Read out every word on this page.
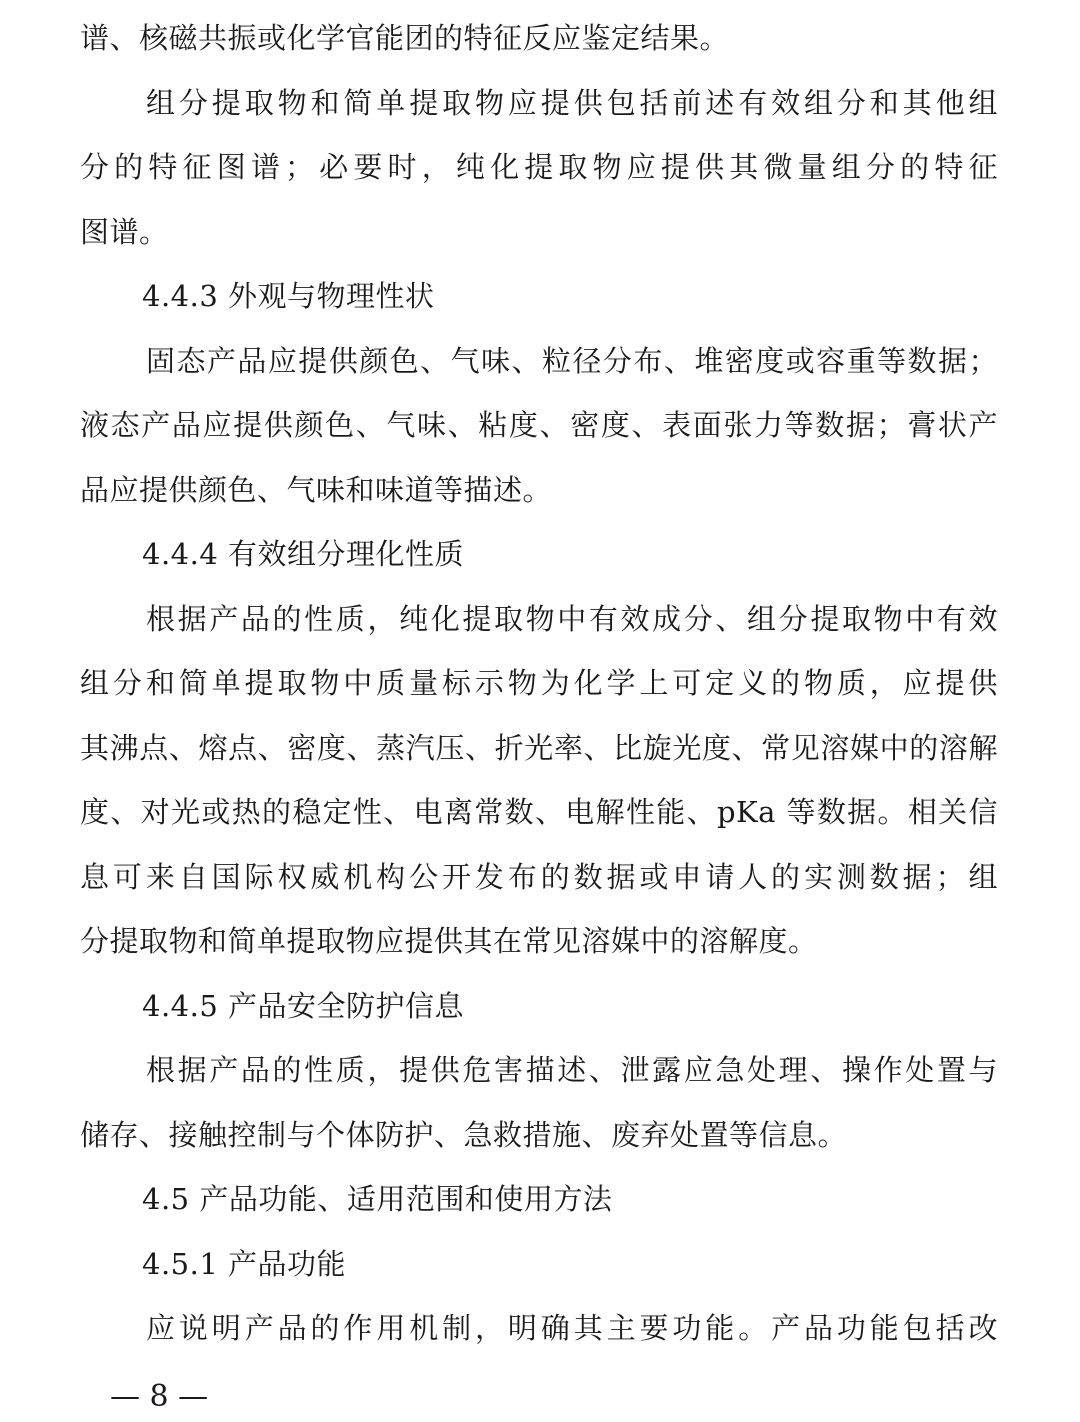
谱、核磁共振或化学官能团的特征反应鉴定结果。
组分提取物和简单提取物应提供包括前述有效组分和其他组
分的特征图谱；必要时，纯化提取物应提供其微量组分的特征
图谱。
4.4.3 外观与物理性状
固态产品应提供颜色、气味、粒径分布、堆密度或容重等数据；
液态产品应提供颜色、气味、粘度、密度、表面张力等数据；膏状产
品应提供颜色、气味和味道等描述。
4.4.4 有效组分理化性质
根据产品的性质，纯化提取物中有效成分、组分提取物中有效
组分和简单提取物中质量标示物为化学上可定义的物质，应提供
其沸点、熔点、密度、蒸汽压、折光率、比旋光度、常见溶媒中的溶解
度、对光或热的稳定性、电离常数、电解性能、pKa 等数据。相关信
息可来自国际权威机构公开发布的数据或申请人的实测数据；组
分提取物和简单提取物应提供其在常见溶媒中的溶解度。
4.4.5 产品安全防护信息
根据产品的性质，提供危害描述、泄露应急处理、操作处置与
储存、接触控制与个体防护、急救措施、废弃处置等信息。
4.5 产品功能、适用范围和使用方法
4.5.1 产品功能
应说明产品的作用机制，明确其主要功能。产品功能包括改
— 8 —
